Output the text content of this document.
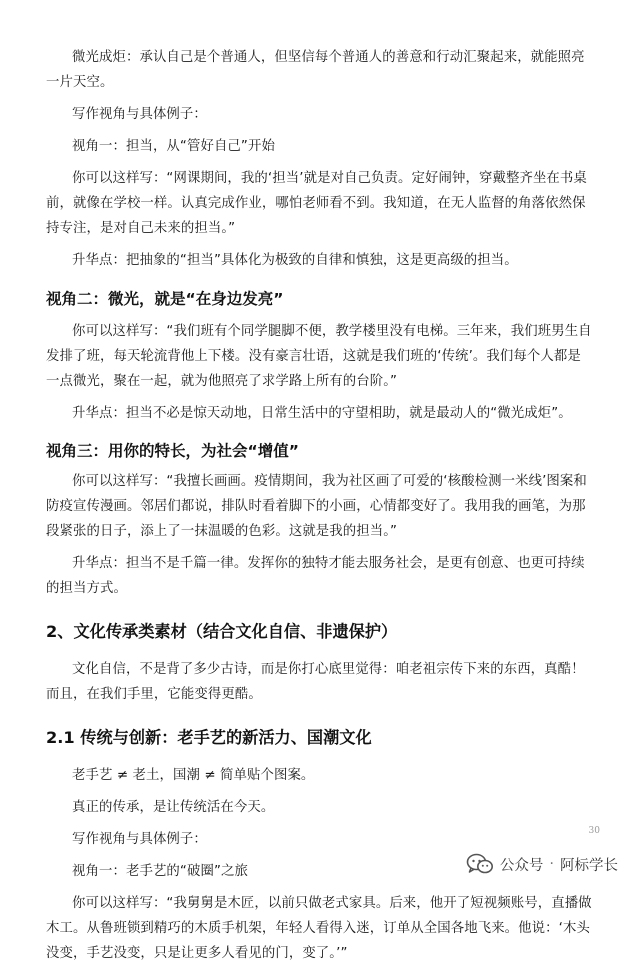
微光成炬：承认自己是个普通人，但坚信每个普通人的善意和行动汇聚起来，就能照亮一片天空。

写作视角与具体例子：

视角一：担当，从“管好自己”开始

你可以这样写：“网课期间，我的‘担当’就是对自己负责。定好闹钟，穿戴整齐坐在书桌前，就像在学校一样。认真完成作业，哪怕老师看不到。我知道，在无人监督的角落依然保持专注，是对自己未来的担当。”

升华点：把抽象的“担当”具体化为极致的自律和慎独，这是更高级的担当。

视角二：微光，就是“在身边发亮”

你可以这样写：“我们班有个同学腿脚不便，教学楼里没有电梯。三年来，我们班男生自发排了班，每天轮流背他上下楼。没有豪言壮语，这就是我们班的‘传统’。我们每个人都是一点微光，聚在一起，就为他照亮了求学路上所有的台阶。”

升华点：担当不必是惊天动地，日常生活中的守望相助，就是最动人的“微光成炬”。

视角三：用你的特长，为社会“增值”

你可以这样写：“我擅长画画。疫情期间，我为社区画了可爱的‘核酸检测一米线’图案和防疫宣传漫画。邻居们都说，排队时看着脚下的小画，心情都变好了。我用我的画笔，为那段紧张的日子，添上了一抹温暖的色彩。这就是我的担当。”

升华点：担当不是千篇一律。发挥你的独特才能去服务社会，是更有创意、也更可持续的担当方式。

2、文化传承类素材（结合文化自信、非遗保护）

文化自信，不是背了多少古诗，而是你打心底里觉得：咱老祖宗传下来的东西，真酷！而且，在我们手里，它能变得更酷。

2.1 传统与创新：老手艺的新活力、国潮文化

老手艺 ≠ 老土，国潮 ≠ 简单贴个图案。

真正的传承，是让传统活在今天。

写作视角与具体例子：

视角一：老手艺的“破圈”之旅

你可以这样写：“我舅舅是木匠，以前只做老式家具。后来，他开了短视频账号，直播做木工。从鲁班锁到精巧的木质手机架，年轻人看得入迷，订单从全国各地飞来。他说：‘木头没变，手艺没变，只是让更多人看见的门，变了。’”

30
公众号 · 阿标学长
